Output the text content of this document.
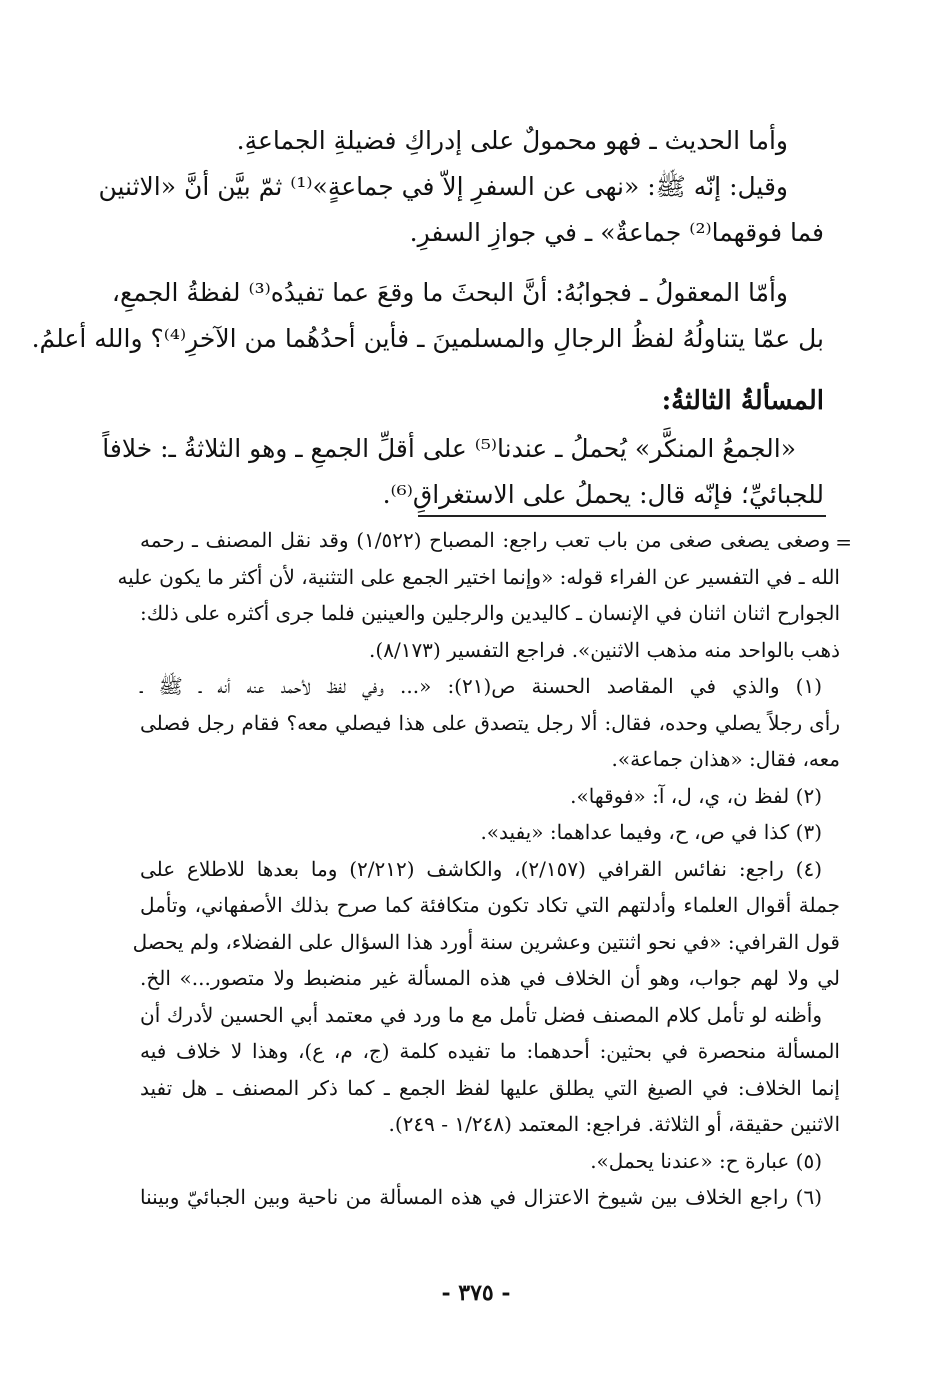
وأما الحديث ـ فهو محمولٌ على إدراكِ فضيلةِ الجماعةِ.
وقيل: إنّه ﷺ: «نهى عن السفرِ إلاّ في جماعةٍ»⁽¹⁾ ثمّ بيَّن أنَّ «الاثنين
فما فوقهما⁽²⁾ جماعةٌ» ـ في جوازِ السفرِ.
وأمّا المعقولُ ـ فجوابُهُ: أنَّ البحثَ ما وقعَ عما تفيدُه⁽³⁾ لفظةُ الجمعِ،
بل عمّا يتناولُهُ لفظُ الرجالِ والمسلمينَ ـ فأين أحدُهُما من الآخرِ⁽⁴⁾؟ والله أعلمُ.
المسألةُ الثالثةُ:
«الجمعُ المنكَّر» يُحملُ ـ عندنا⁽⁵⁾ على أقلِّ الجمعِ ـ وهو الثلاثةُ ـ: خلافاً
للجبائيِّ؛ فإنّه قال: يحملُ على الاستغراقِ⁽⁶⁾.
=
وصغى يصغى صغى من باب تعب راجع: المصباح (١/٥٢٢) وقد نقل المصنف ـ رحمه
الله ـ في التفسير عن الفراء قوله: «وإنما اختير الجمع على التثنية، لأن أكثر ما يكون عليه
الجوارح اثنان اثنان في الإنسان ـ كاليدين والرجلين والعينين فلما جرى أكثره على ذلك:
ذهب بالواحد منه مذهب الاثنين». فراجع التفسير (٨/١٧٣).
(١) والذي في المقاصد الحسنة ص(٢١): «... وفي لفظ لأحمد عنه أنه ـ ﷺ ـ
رأى رجلاً يصلي وحده، فقال: ألا رجل يتصدق على هذا فيصلي معه؟ فقام رجل فصلى
معه، فقال: «هذان جماعة».
(٢) لفظ ن، ي، ل، آ: «فوقها».
(٣) كذا في ص، ح، وفيما عداهما: «يفيد».
(٤) راجع: نفائس القرافي (٢/١٥٧)، والكاشف (٢/٢١٢) وما بعدها للاطلاع على
جملة أقوال العلماء وأدلتهم التي تكاد تكون متكافئة كما صرح بذلك الأصفهاني، وتأمل
قول القرافي: «في نحو اثنتين وعشرين سنة أورد هذا السؤال على الفضلاء، ولم يحصل
لي ولا لهم جواب، وهو أن الخلاف في هذه المسألة غير منضبط ولا متصور...» الخ.
وأظنه لو تأمل كلام المصنف فضل تأمل مع ما ورد في معتمد أبي الحسين لأدرك أن
المسألة منحصرة في بحثين: أحدهما: ما تفيده كلمة (ج، م، ع)، وهذا لا خلاف فيه
إنما الخلاف: في الصيغ التي يطلق عليها لفظ الجمع ـ كما ذكر المصنف ـ هل تفيد
الاثنين حقيقة، أو الثلاثة. فراجع: المعتمد (١/٢٤٨ - ٢٤٩).
(٥) عبارة ح: «عندنا يحمل».
(٦) راجع الخلاف بين شيوخ الاعتزال في هذه المسألة من ناحية وبين الجبائيّ وبيننا
- ٣٧٥ -
